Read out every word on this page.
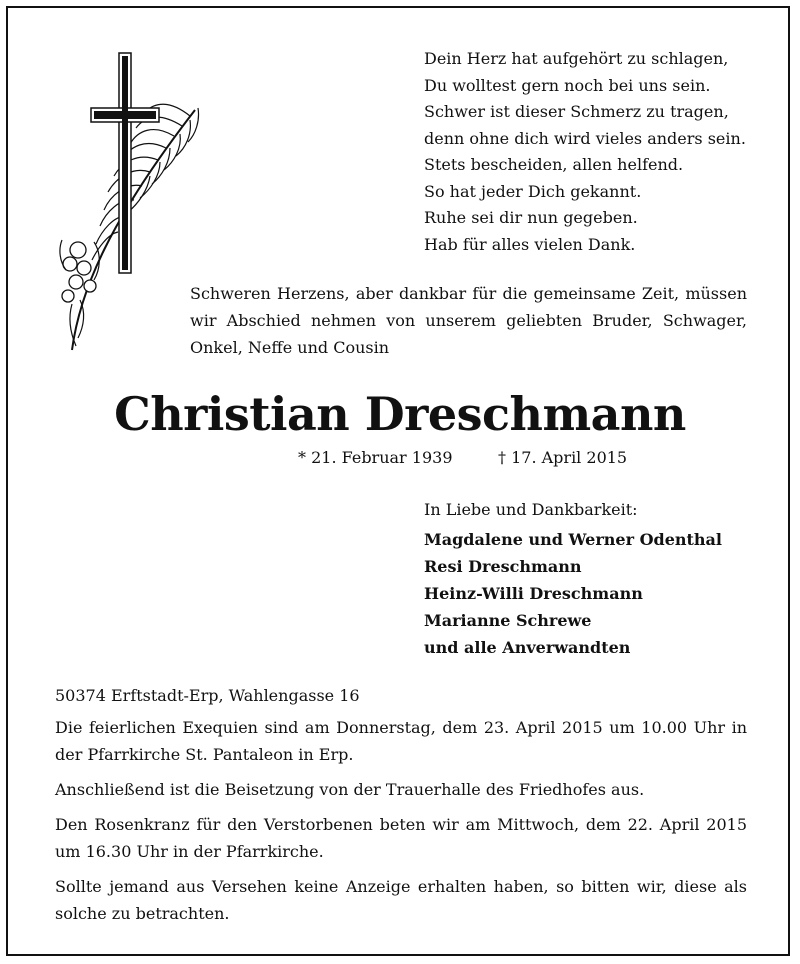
Dein Herz hat aufgehört zu schlagen,
Du wolltest gern noch bei uns sein.
Schwer ist dieser Schmerz zu tragen,
denn ohne dich wird vieles anders sein.
Stets bescheiden, allen helfend.
So hat jeder Dich gekannt.
Ruhe sei dir nun gegeben.
Hab für alles vielen Dank.
Schweren Herzens, aber dankbar für die gemeinsame Zeit, müssen wir Abschied nehmen von unserem geliebten Bruder, Schwager, Onkel, Neffe und Cousin
Christian Dreschmann
* 21. Februar 1939	† 17. April 2015
In Liebe und Dankbarkeit:
Magdalene und Werner Odenthal
Resi Dreschmann
Heinz-Willi Dreschmann
Marianne Schrewe
und alle Anverwandten

50374 Erftstadt-Erp, Wahlengasse 16

Die feierlichen Exequien sind am Donnerstag, dem 23. April 2015 um 10.00 Uhr in der Pfarrkirche St. Pantaleon in Erp.

Anschließend ist die Beisetzung von der Trauerhalle des Friedhofes aus.

Den Rosenkranz für den Verstorbenen beten wir am Mittwoch, dem 22. April 2015 um 16.30 Uhr in der Pfarrkirche.

Sollte jemand aus Versehen keine Anzeige erhalten haben, so bitten wir, diese als solche zu betrachten.
